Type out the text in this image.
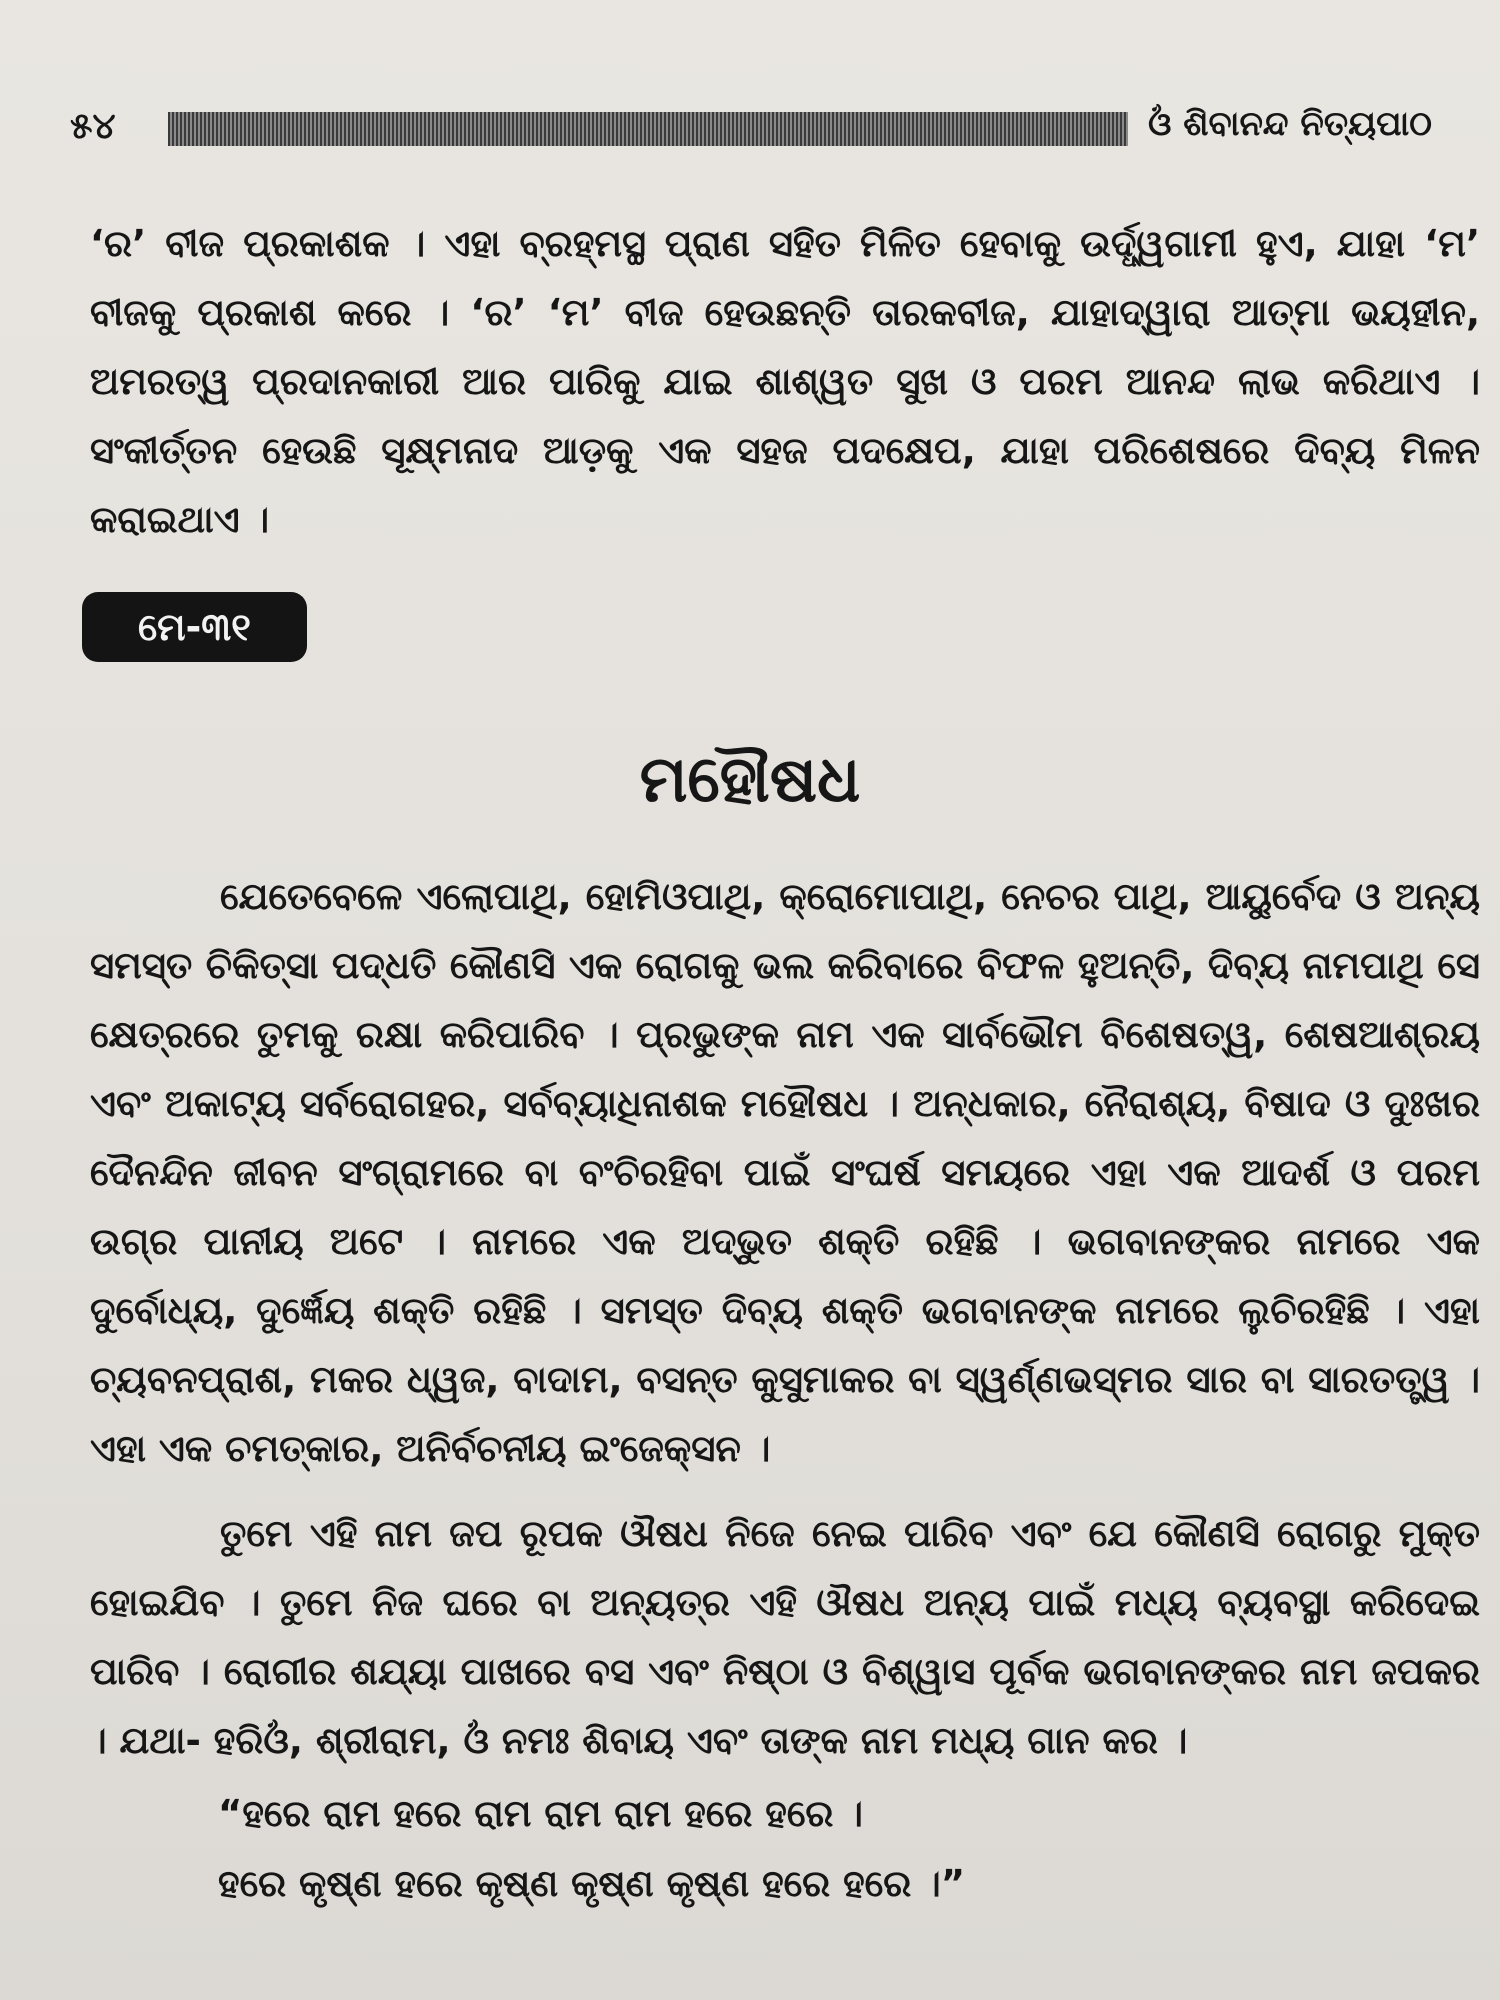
୫୪	ଓଁ ଶିବାନନ୍ଦ ନିତ୍ୟପାଠ

‘ର’ ବୀଜ ପ୍ରକାଶକ । ଏହା ବ୍ରହ୍ମସ୍ଥ ପ୍ରାଣ ସହିତ ମିଳିତ ହେବାକୁ ଉର୍ଦ୍ଧ୍ୱଗାମୀ ହୁଏ, ଯାହା ‘ମ’ ବୀଜକୁ ପ୍ରକାଶ କରେ । ‘ର’ ‘ମ’ ବୀଜ ହେଉଛନ୍ତି ତାରକବୀଜ, ଯାହାଦ୍ୱାରା ଆତ୍ମା ଭୟହୀନ, ଅମରତ୍ୱ ପ୍ରଦାନକାରୀ ଆର ପାରିକୁ ଯାଇ ଶାଶ୍ୱତ ସୁଖ ଓ ପରମ ଆନନ୍ଦ ଲାଭ କରିଥାଏ । ସଂକୀର୍ତ୍ତନ ହେଉଛି ସୂକ୍ଷ୍ମନାଦ ଆଡ଼କୁ ଏକ ସହଜ ପଦକ୍ଷେପ, ଯାହା ପରିଶେଷରେ ଦିବ୍ୟ ମିଳନ କରାଇଥାଏ ।

ମେ-୩୧
ମହୌଷଧ

ଯେତେବେଳେ ଏଲୋପାଥି, ହୋମିଓପାଥି, କ୍ରୋମୋପାଥି, ନେଚର ପାଥି, ଆୟୁର୍ବେଦ ଓ ଅନ୍ୟ ସମସ୍ତ ଚିକିତ୍ସା ପଦ୍ଧତି କୌଣସି ଏକ ରୋଗକୁ ଭଲ କରିବାରେ ବିଫଳ ହୁଅନ୍ତି, ଦିବ୍ୟ ନାମପାଥି ସେ କ୍ଷେତ୍ରରେ ତୁମକୁ ରକ୍ଷା କରିପାରିବ । ପ୍ରଭୁଙ୍କ ନାମ ଏକ ସାର୍ବଭୌମ ବିଶେଷତ୍ୱ, ଶେଷଆଶ୍ରୟ ଏବଂ ଅକାଟ୍ୟ ସର୍ବରୋଗହର, ସର୍ବବ୍ୟାଧିନାଶକ ମହୌଷଧ । ଅନ୍ଧକାର, ନୈରାଶ୍ୟ, ବିଷାଦ ଓ ଦୁଃଖର ଦୈନନ୍ଦିନ ଜୀବନ ସଂଗ୍ରାମରେ ବା ବଂଚିରହିବା ପାଇଁ ସଂଘର୍ଷ ସମୟରେ ଏହା ଏକ ଆଦର୍ଶ ଓ ପରମ ଉଗ୍ର ପାନୀୟ ଅଟେ । ନାମରେ ଏକ ଅଦ୍ଭୁତ ଶକ୍ତି ରହିଛି । ଭଗବାନଙ୍କର ନାମରେ ଏକ ଦୁର୍ବୋଧ୍ୟ, ଦୁର୍ଜ୍ଞେୟ ଶକ୍ତି ରହିଛି । ସମସ୍ତ ଦିବ୍ୟ ଶକ୍ତି ଭଗବାନଙ୍କ ନାମରେ ଲୁଚିରହିଛି । ଏହା ଚ୍ୟବନପ୍ରାଶ, ମକର ଧ୍ୱଜ, ବାଦାମ, ବସନ୍ତ କୁସୁମାକର ବା ସ୍ୱର୍ଣ୍ଣଭସ୍ମର ସାର ବା ସାରତତ୍ତ୍ୱ । ଏହା ଏକ ଚମତ୍କାର, ଅନିର୍ବଚନୀୟ ଇଂଜେକ୍ସନ ।

ତୁମେ ଏହି ନାମ ଜପ ରୂପକ ଔଷଧ ନିଜେ ନେଇ ପାରିବ ଏବଂ ଯେ କୌଣସି ରୋଗରୁ ମୁକ୍ତ ହୋଇଯିବ । ତୁମେ ନିଜ ଘରେ ବା ଅନ୍ୟତ୍ର ଏହି ଔଷଧ ଅନ୍ୟ ପାଇଁ ମଧ୍ୟ ବ୍ୟବସ୍ଥା କରିଦେଇ ପାରିବ । ରୋଗୀର ଶଯ୍ୟା ପାଖରେ ବସ ଏବଂ ନିଷ୍ଠା ଓ ବିଶ୍ୱାସ ପୂର୍ବକ ଭଗବାନଙ୍କର ନାମ ଜପକର । ଯଥା- ହରିଓଁ, ଶ୍ରୀରାମ, ଓଁ ନମଃ ଶିବାୟ ଏବଂ ତାଙ୍କ ନାମ ମଧ୍ୟ ଗାନ କର ।

“ହରେ ରାମ ହରେ ରାମ ରାମ ରାମ ହରେ ହରେ ।
ହରେ କୃଷ୍ଣ ହରେ କୃଷ୍ଣ କୃଷ୍ଣ କୃଷ୍ଣ ହରେ ହରେ ।”
